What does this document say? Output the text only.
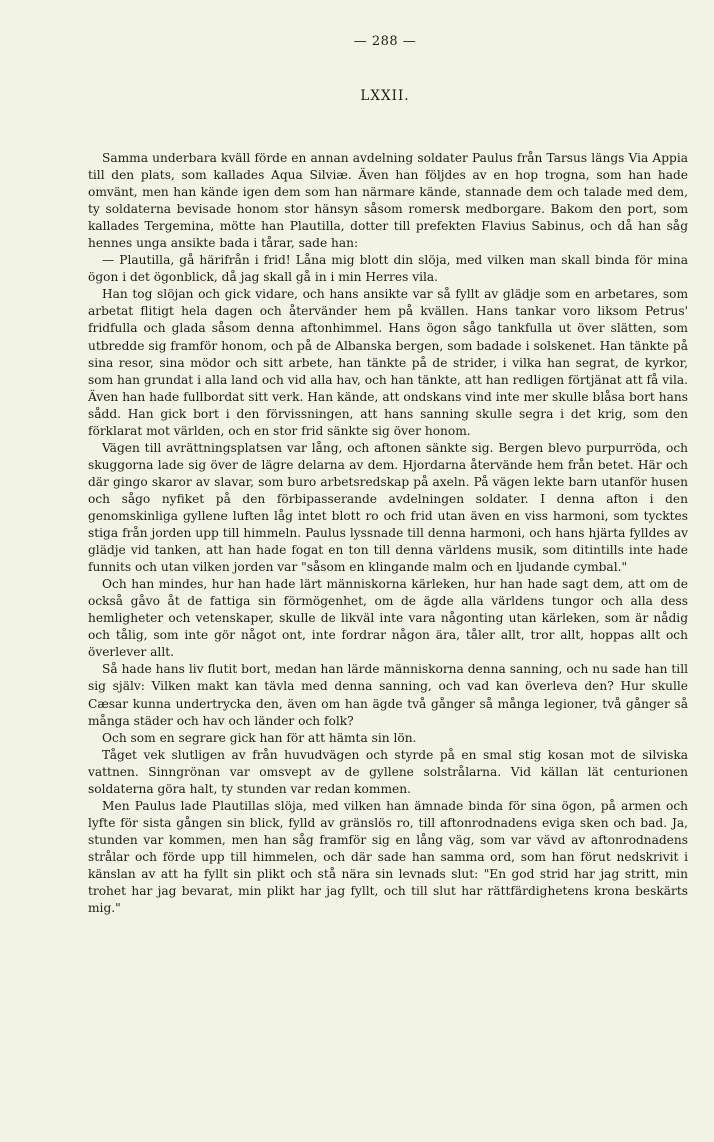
— 288 —
LXXII.

Samma underbara kväll förde en annan avdelning soldater Paulus från Tarsus längs Via Appia till den plats, som kallades Aqua Silviæ. Även han följdes av en hop trogna, som han hade omvänt, men han kände igen dem som han närmare kände, stannade dem och talade med dem, ty soldaterna bevisade honom stor hänsyn såsom romersk medborgare. Bakom den port, som kallades Tergemina, mötte han Plautilla, dotter till prefekten Flavius Sabinus, och då han såg hennes unga ansikte bada i tårar, sade han:

— Plautilla, gå härifrån i frid! Låna mig blott din slöja, med vilken man skall binda för mina ögon i det ögonblick, då jag skall gå in i min Herres vila.

Han tog slöjan och gick vidare, och hans ansikte var så fyllt av glädje som en arbetares, som arbetat flitigt hela dagen och återvänder hem på kvällen. Hans tankar voro liksom Petrus' fridfulla och glada såsom denna aftonhimmel. Hans ögon sågo tankfulla ut över slätten, som utbredde sig framför honom, och på de Albanska bergen, som badade i solskenet. Han tänkte på sina resor, sina mödor och sitt arbete, han tänkte på de strider, i vilka han segrat, de kyrkor, som han grundat i alla land och vid alla hav, och han tänkte, att han redligen förtjänat att få vila. Även han hade fullbordat sitt verk. Han kände, att ondskans vind inte mer skulle blåsa bort hans sådd. Han gick bort i den förvissningen, att hans sanning skulle segra i det krig, som den förklarat mot världen, och en stor frid sänkte sig över honom.

Vägen till avrättningsplatsen var lång, och aftonen sänkte sig. Bergen blevo purpurröda, och skuggorna lade sig över de lägre delarna av dem. Hjordarna återvände hem från betet. Här och där gingo skaror av slavar, som buro arbetsredskap på axeln. På vägen lekte barn utanför husen och sågo nyfiket på den förbipasserande avdelningen soldater. I denna afton i den genomskinliga gyllene luften låg intet blott ro och frid utan även en viss harmoni, som tycktes stiga från jorden upp till himmeln. Paulus lyssnade till denna harmoni, och hans hjärta fylldes av glädje vid tanken, att han hade fogat en ton till denna världens musik, som ditintills inte hade funnits och utan vilken jorden var "såsom en klingande malm och en ljudande cymbal."

Och han mindes, hur han hade lärt människorna kärleken, hur han hade sagt dem, att om de också gåvo åt de fattiga sin förmögenhet, om de ägde alla världens tungor och alla dess hemligheter och vetenskaper, skulle de likväl inte vara någonting utan kärleken, som är nådig och tålig, som inte gör något ont, inte fordrar någon ära, tåler allt, tror allt, hoppas allt och överlever allt.

Så hade hans liv flutit bort, medan han lärde människorna denna sanning, och nu sade han till sig själv: Vilken makt kan tävla med denna sanning, och vad kan överleva den? Hur skulle Cæsar kunna undertrycka den, även om han ägde två gånger så många legioner, två gånger så många städer och hav och länder och folk?

Och som en segrare gick han för att hämta sin lön.

Tåget vek slutligen av från huvudvägen och styrde på en smal stig kosan mot de silviska vattnen. Sinngrönan var omsvept av de gyllene solstrålarna. Vid källan lät centurionen soldaterna göra halt, ty stunden var redan kommen.

Men Paulus lade Plautillas slöja, med vilken han ämnade binda för sina ögon, på armen och lyfte för sista gången sin blick, fylld av gränslös ro, till aftonrodnadens eviga sken och bad. Ja, stunden var kommen, men han såg framför sig en lång väg, som var vävd av aftonrodnadens strålar och förde upp till himmelen, och där sade han samma ord, som han förut nedskrivit i känslan av att ha fyllt sin plikt och stå nära sin levnads slut: "En god strid har jag stritt, min trohet har jag bevarat, min plikt har jag fyllt, och till slut har rättfärdighetens krona beskärts mig."
